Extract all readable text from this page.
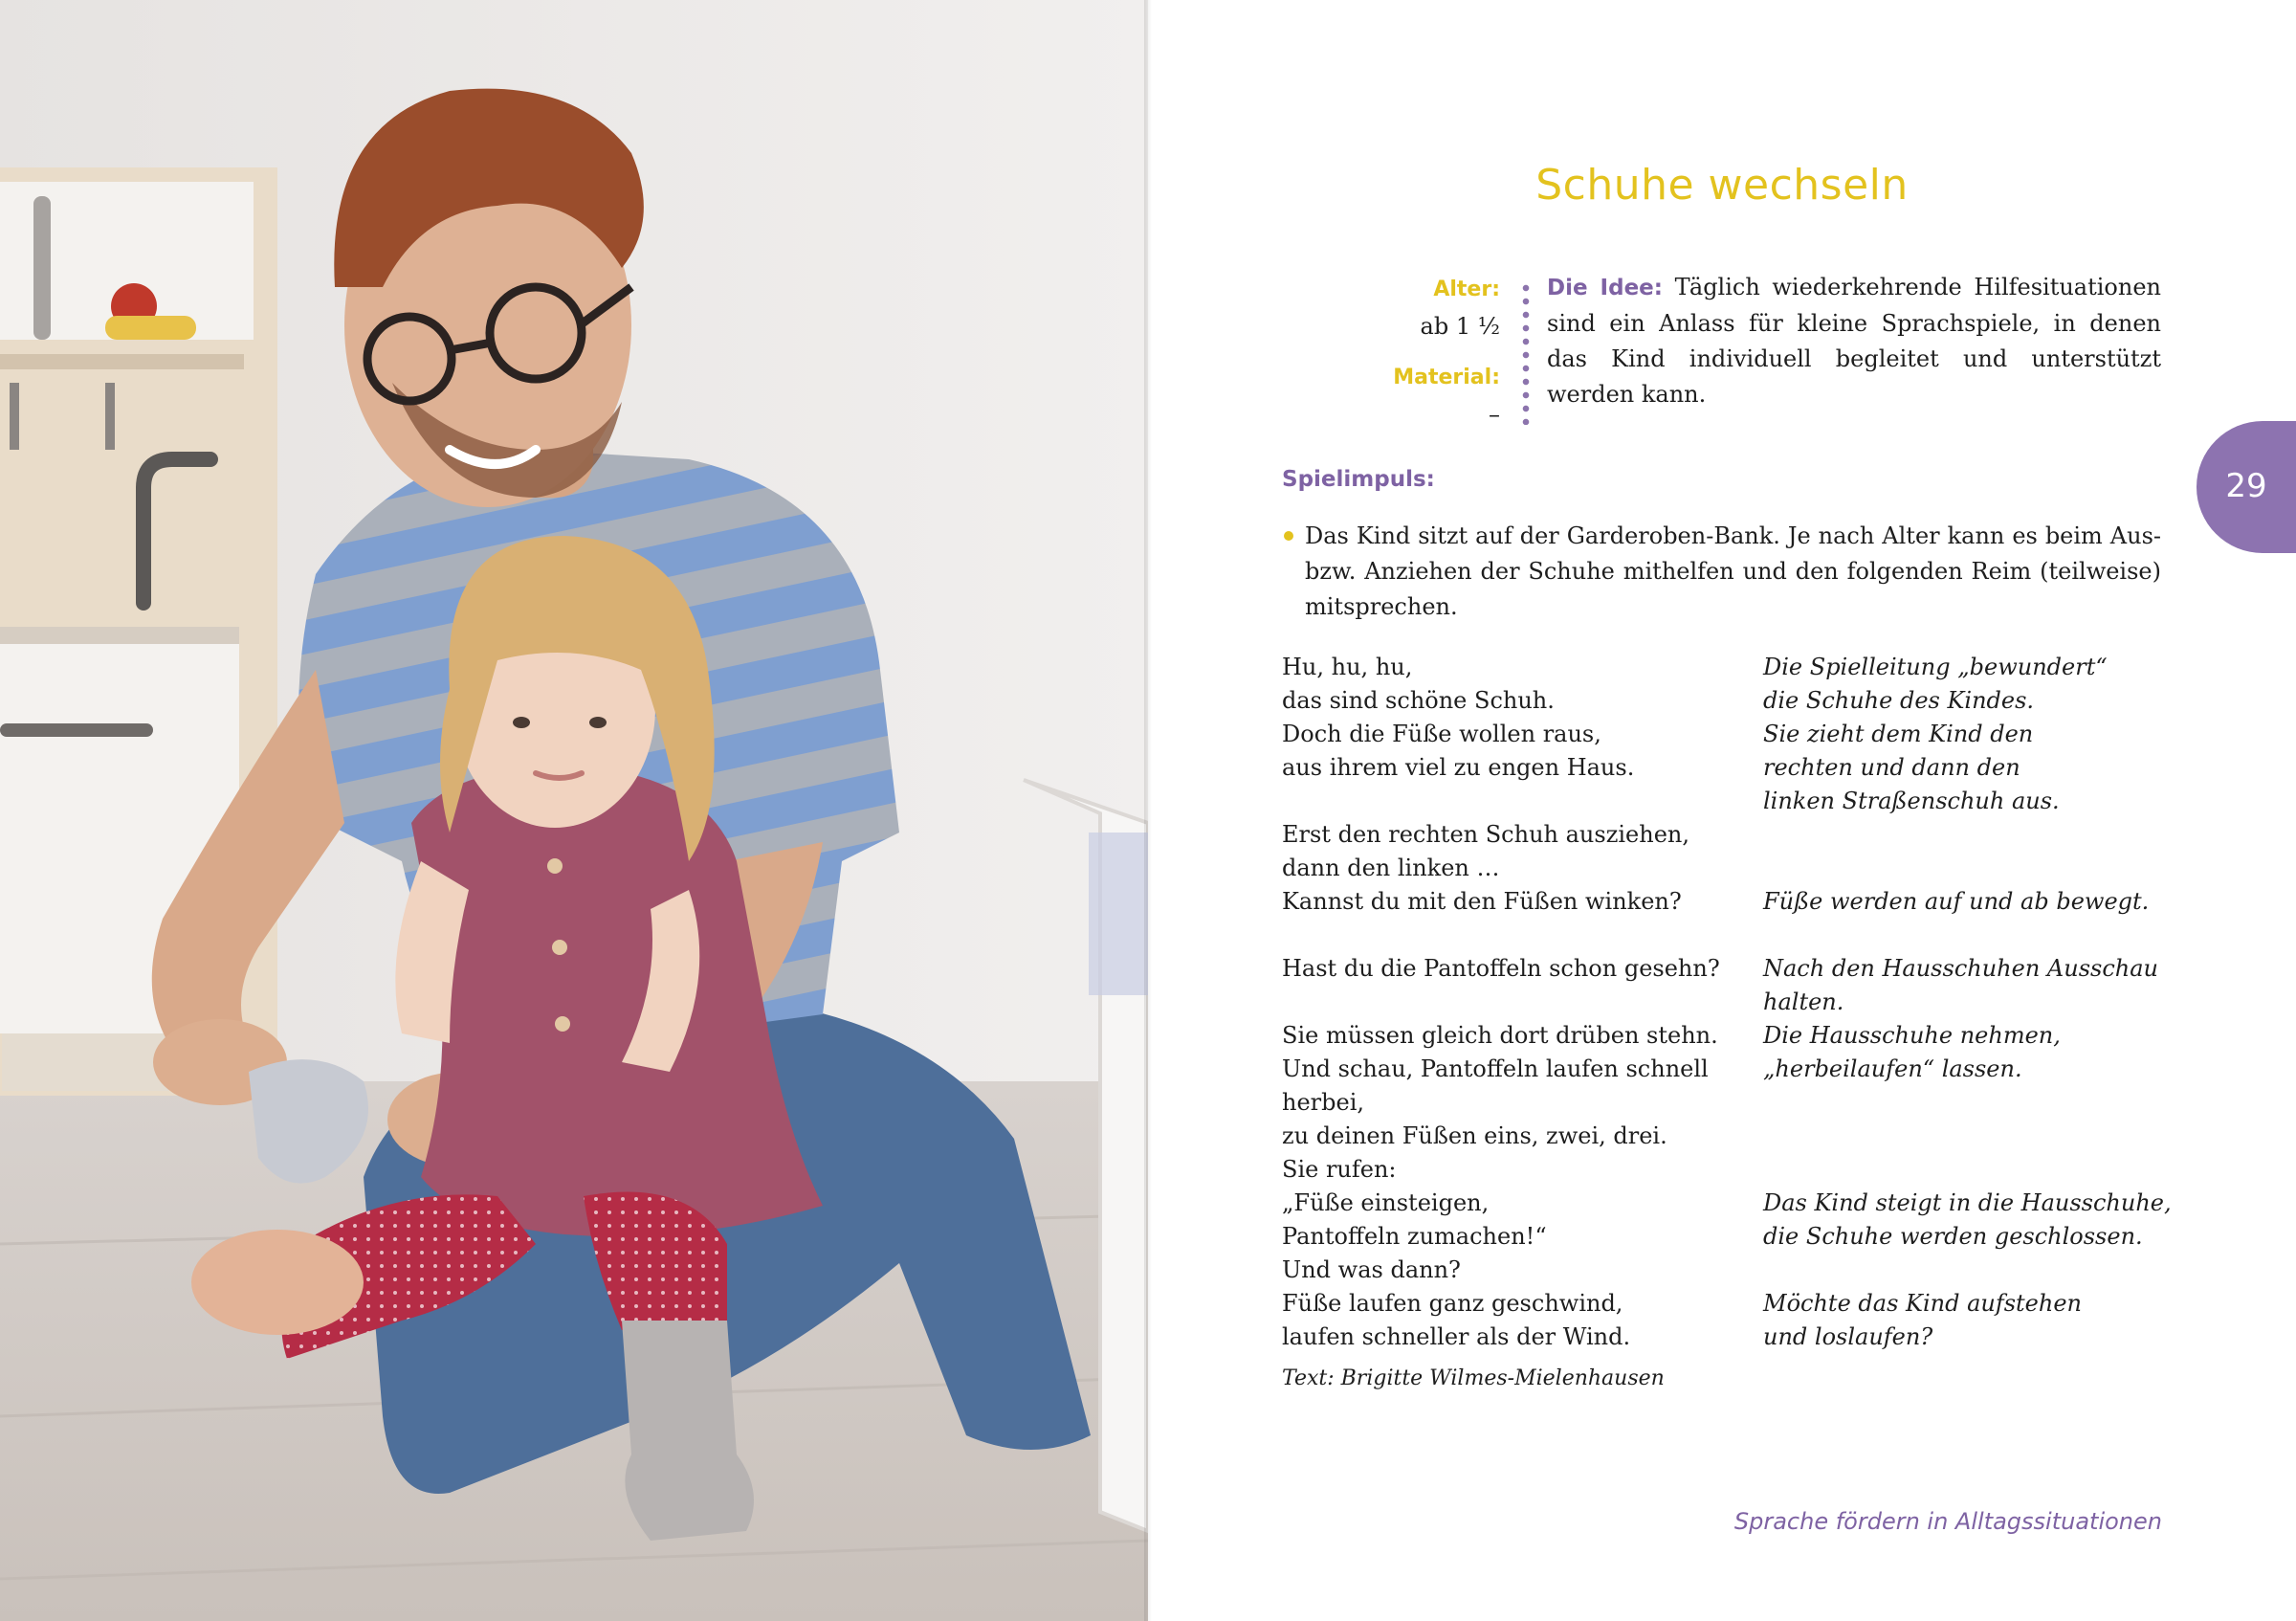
Schuhe wechseln
Alter:
ab 1 ½
Material:
–

Die Idee: Täglich wiederkehrende Hilfesituationen sind ein Anlass für kleine Sprachspiele, in denen das Kind individuell begleitet und unterstützt werden kann.

Spielimpuls:

Das Kind sitzt auf der Garderoben-Bank. Je nach Alter kann es beim Aus- bzw. Anziehen der Schuhe mithelfen und den folgenden Reim (teilweise) mitsprechen.

Hu, hu, hu,
das sind schöne Schuh.
Doch die Füße wollen raus,
aus ihrem viel zu engen Haus.
Die Spielleitung „bewundert“
die Schuhe des Kindes.
Sie zieht dem Kind den
rechten und dann den
linken Straßenschuh aus.
Erst den rechten Schuh ausziehen,
dann den linken …
Kannst du mit den Füßen winken?	Füße werden auf und ab bewegt.
Hast du die Pantoffeln schon gesehn?	Nach den Hausschuhen Ausschau
halten.
Sie müssen gleich dort drüben stehn.
Und schau, Pantoffeln laufen schnell
herbei,
zu deinen Füßen eins, zwei, drei.
Sie rufen:
„Füße einsteigen,
Pantoffeln zumachen!“
Und was dann?
Füße laufen ganz geschwind,
laufen schneller als der Wind.
Die Hausschuhe nehmen,
„herbeilaufen“ lassen.
Das Kind steigt in die Hausschuhe,
die Schuhe werden geschlossen.
Möchte das Kind aufstehen
und loslaufen?

Text: Brigitte Wilmes-Mielenhausen

Sprache fördern in Alltagssituationen

29
